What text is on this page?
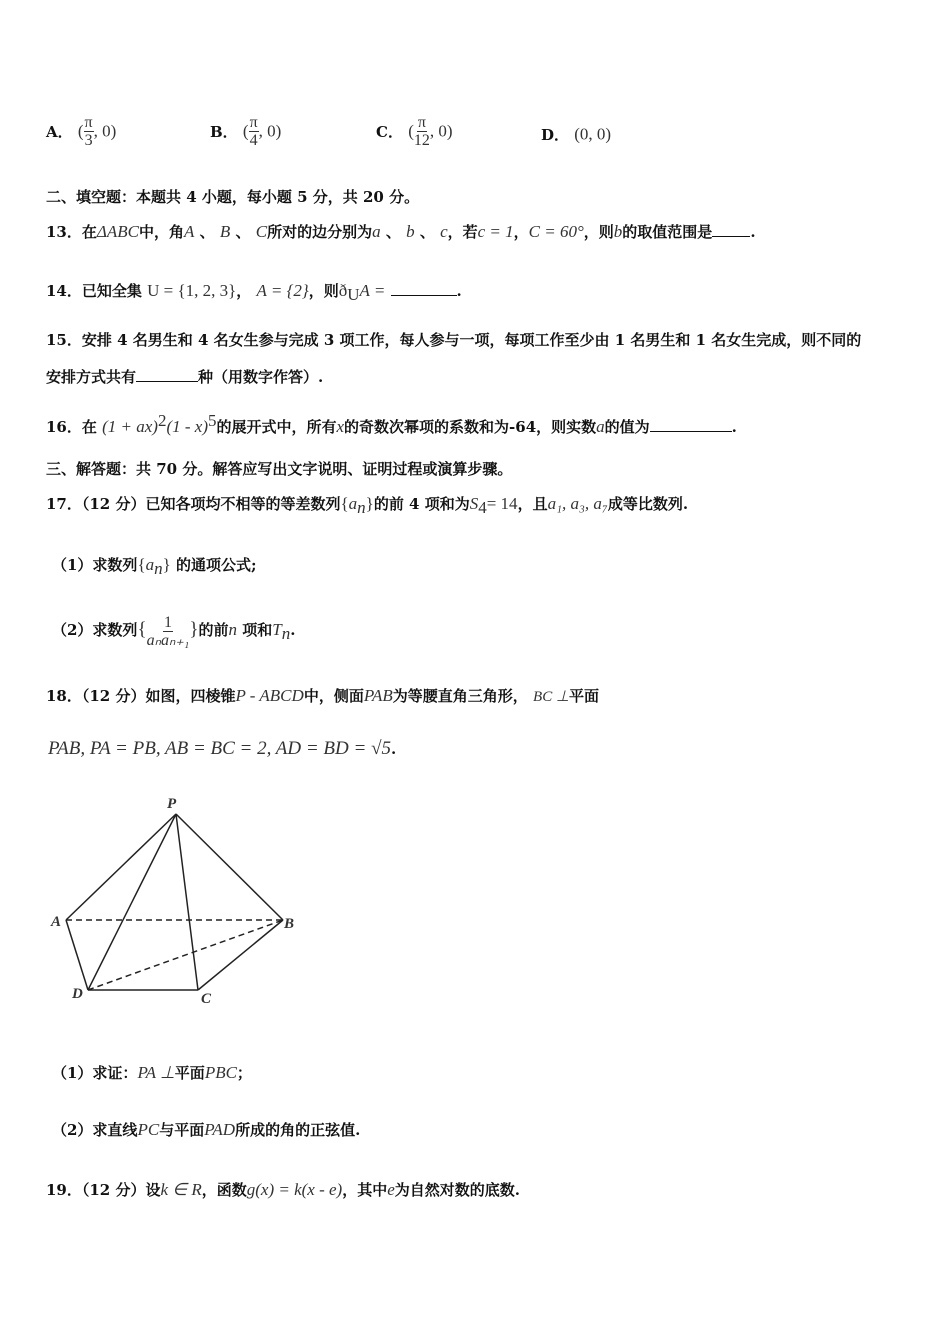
A． ( $\frac{\pi}{3}$ , 0)	B． ( $\frac{\pi}{4}$ , 0)	C． ( $\frac{\pi}{12}$ , 0)	D． (0, 0)
二、填空题：本题共 4 小题，每小题 5 分，共 20 分。
13．在ΔABC中，角A 、 B 、 C所对的边分别为a 、 b 、 c，若c = 1，C = 60°，则b的取值范围是	.
14．已知全集 U = {1, 2, 3}， A = {2}，则$ð_UA$ =	.
15．安排 4 名男生和 4 名女生参与完成 3 项工作，每人参与一项，每项工作至少由 1 名男生和 1 名女生完成，则不同的
安排方式共有	种（用数字作答）.
16．在 (1 + ax)$^2$(1 - x)$^5$的展开式中，所有x的奇数次幂项的系数和为-64，则实数a的值为	.
三、解答题：共 70 分。解答应写出文字说明、证明过程或演算步骤。
17．（12 分）已知各项均不相等的等差数列$\{a_n\}$的前 4 项和为$S_4= 14$，且a₁, a₃, a₇成等比数列.
（1）求数列$\{a_n\}$ 的通项公式;
（2）求数列{ $\frac{1}{\text{aₙaₙ₊₁}}$ }的前n 项和$T_n$.
18．（12 分）如图，四棱锥P - ABCD中，侧面PAB为等腰直角三角形， BC ⊥平面
PAB, PA = PB, AB = BC = 2, AD = BD = √5.
P
A	B
C
D
（1）求证：PA ⊥平面PBC；
（2）求直线PC与平面PAD所成的角的正弦值.
19．（12 分）设k ∈ R，函数g(x) = k(x - e)，其中e为自然对数的底数.
